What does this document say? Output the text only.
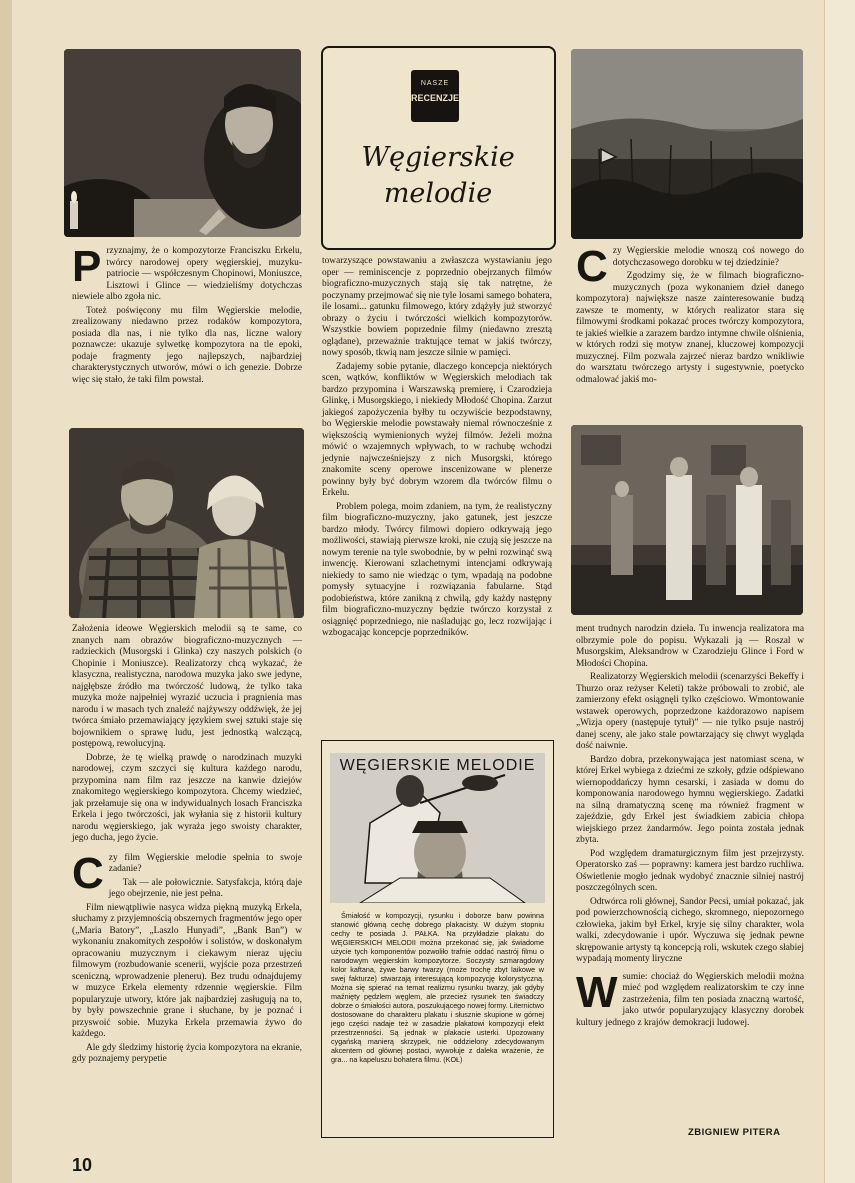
Przyznajmy, że o kompozytorze Franciszku Erkelu, twórcy narodowej opery węgierskiej, muzyku-patriocie — współczesnym Chopinowi, Moniuszce, Lisztowi i Glince — wiedzieliśmy dotychczas niewiele albo zgoła nic.

Toteż poświęcony mu film Węgierskie melodie, zrealizowany niedawno przez rodaków kompozytora, posiada dla nas, i nie tylko dla nas, liczne walory poznawcze: ukazuje sylwetkę kompozytora na tle epoki, podaje fragmenty jego najlepszych, najbardziej charakterystycznych utworów, mówi o ich genezie. Dobrze więc się stało, że taki film powstał.

Założenia ideowe Węgierskich melodii są te same, co znanych nam obrazów biograficzno-muzycznych — radzieckich (Musorgski i Glinka) czy naszych polskich (o Chopinie i Moniuszce). Realizatorzy chcą wykazać, że klasyczna, realistyczna, narodowa muzyka jako swe jedyne, najgłębsze źródło ma twórczość ludową, że tylko taka muzyka może najpełniej wyrazić uczucia i pragnienia mas narodu i w masach tych znaleźć najżywszy oddźwięk, że jej twórca śmiało przemawiający językiem swej sztuki staje się bojownikiem o sprawę ludu, jest jednostką walczącą, postępową, rewolucyjną.

Dobrze, że tę wielką prawdę o narodzinach muzyki narodowej, czym szczyci się kultura każdego narodu, przypomina nam film raz jeszcze na kanwie dziejów znakomitego węgierskiego kompozytora. Chcemy wiedzieć, jak przełamuje się ona w indywidualnych losach Franciszka Erkela i jego twórczości, jak wyłania się z historii kultury narodu węgierskiego, jak wyraża jego swoisty charakter, jego ducha, jego życie.

Czy film Węgierskie melodie spełnia to swoje zadanie?

Tak — ale połowicznie. Satysfakcja, którą daje jego obejrzenie, nie jest pełna.

Film niewątpliwie nasyca widza piękną muzyką Erkela, słuchamy z przyjemnością obszernych fragmentów jego oper („Maria Batory”, „Laszlo Hunyadi”, „Bank Ban”) w wykonaniu znakomitych zespołów i solistów, w doskonałym opracowaniu muzycznym i ciekawym nieraz ujęciu filmowym (rozbudowanie scenerii, wyjście poza przestrzeń sceniczną, wprowadzenie pleneru). Bez trudu odnajdujemy w muzyce Erkela elementy rdzennie węgierskie. Film popularyzuje utwory, które jak najbardziej zasługują na to, by były powszechnie grane i słuchane, by je poznać i przyswoić sobie. Muzyka Erkela przemawia żywo do każdego.

Ale gdy śledzimy historię życia kompozytora na ekranie, gdy poznajemy perypetie

NASZE
RECENZJE
Węgierskie melodie

towarzyszące powstawaniu a zwłaszcza wystawianiu jego oper — reminiscencje z poprzednio obejrzanych filmów biograficzno-muzycznych stają się tak natrętne, że poczynamy przejmować się nie tyle losami samego bohatera, ile losami... gatunku filmowego, który zdążyły już stworzyć obrazy o życiu i twórczości wielkich kompozytorów. Wszystkie bowiem poprzednie filmy (niedawno zresztą oglądane), przeważnie traktujące temat w jakiś twórczy, nowy sposób, tkwią nam jeszcze silnie w pamięci.

Zadajemy sobie pytanie, dlaczego koncepcja niektórych scen, wątków, konfliktów w Węgierskich melodiach tak bardzo przypomina i Warszawską premierę, i Czarodzieja Glinkę, i Musorgskiego, i niekiedy Młodość Chopina. Zarzut jakiegoś zapożyczenia byłby tu oczywiście bezpodstawny, bo Węgierskie melodie powstawały niemal równocześnie z większością wymienionych wyżej filmów. Jeżeli można mówić o wzajemnych wpływach, to w rachubę wchodzi jedynie najwcześniejszy z nich Musorgski, którego znakomite sceny operowe inscenizowane w plenerze powinny były być dobrym wzorem dla twórców filmu o Erkelu.

Problem polega, moim zdaniem, na tym, że realistyczny film biograficzno-muzyczny, jako gatunek, jest jeszcze bardzo młody. Twórcy filmowi dopiero odkrywają jego możliwości, stawiają pierwsze kroki, nie czują się jeszcze na nowym terenie na tyle swobodnie, by w pełni rozwinąć swą inwencję. Kierowani szlachetnymi intencjami odkrywają niekiedy to samo nie wiedząc o tym, wpadają na podobne pomysły sytuacyjne i rozwiązania fabularne. Stąd podobieństwa, które zanikną z chwilą, gdy każdy następny film biograficzno-muzyczny będzie twórczo korzystał z osiągnięć poprzedniego, nie naśladując go, lecz rozwijając i wzbogacając koncepcje poprzedników.

WĘGIERSKIE MELODIE

Śmiałość w kompozycji, rysunku i doborze barw powinna stanowić główną cechę dobrego plakacisty. W dużym stopniu cechy te posiada J. PAŁKA. Na przykładzie plakatu do WĘGIERSKICH MELODII można przekonać się, jak świadome użycie tych komponentów pozwoliło trafnie oddać nastrój filmu o narodowym węgierskim kompozytorze. Soczysty szmaragdowy kolor kaftana, żywe barwy twarzy (może trochę zbyt laikowe w swej fakturze) stwarzają interesującą kompozycję kolorystyczną. Można się spierać na temat realizmu rysunku twarzy, jak gdyby maźnięty pędzlem węglem, ale przecież rysunek ten świadczy dobrze o śmiałości autora, poszukującego nowej formy. Liternictwo dostosowane do charakteru plakatu i słusznie skupione w górnej jego części nadaje też w zasadzie plakatowi kompozycji efekt przestrzenności. Są jednak w plakacie usterki. Upozowany cygańską manierą skrzypek, nie oddzielony zdecydowanym akcentem od głównej postaci, wywołuje z daleka wrażenie, że gra... na kapeluszu bohatera filmu. (KOŁ)

Czy Węgierskie melodie wnoszą coś nowego do dotychczasowego dorobku w tej dziedzinie?

Zgodzimy się, że w filmach biograficzno-muzycznych (poza wykonaniem dzieł danego kompozytora) największe nasze zainteresowanie budzą zawsze te momenty, w których realizator stara się filmowymi środkami pokazać proces twórczy kompozytora, te jakieś wielkie a zarazem bardzo intymne chwile olśnienia, w których rodzi się motyw znanej, kluczowej kompozycji muzycznej. Film pozwala zajrzeć nieraz bardzo wnikliwie do warsztatu twórczego artysty i sugestywnie, poetycko odmalować jakiś mo-

ment trudnych narodzin dzieła. Tu inwencja realizatora ma olbrzymie pole do popisu. Wykazali ją — Roszal w Musorgskim, Aleksandrow w Czarodzieju Glince i Ford w Młodości Chopina.

Realizatorzy Węgierskich melodii (scenarzyści Bekeffy i Thurzo oraz reżyser Keleti) także próbowali to zrobić, ale zamierzony efekt osiągnęli tylko częściowo. Wmontowanie wstawek operowych, poprzedzone każdorazowo napisem „Wizja opery (następuje tytuł)” — nie tylko psuje nastrój danej sceny, ale jako stale powtarzający się chwyt wygląda dość naiwnie.

Bardzo dobra, przekonywająca jest natomiast scena, w której Erkel wybiega z dziećmi ze szkoły, gdzie odśpiewano wiernopoddańczy hymn cesarski, i zasiada w domu do komponowania narodowego hymnu węgierskiego. Zadatki na silną dramatyczną scenę ma również fragment w zajeździe, gdy Erkel jest świadkiem zabicia chłopa wiejskiego przez żandarmów. Jego pointa została jednak zbyta.

Pod względem dramaturgicznym film jest przejrzysty. Operatorsko zaś — poprawny: kamera jest bardzo ruchliwa. Oświetlenie mogło jednak wydobyć znacznie silniej nastrój poszczególnych scen.

Odtwórca roli głównej, Sandor Pecsi, umiał pokazać, jak pod powierzchownością cichego, skromnego, niepozornego człowieka, jakim był Erkel, kryje się silny charakter, wola walki, zdecydowanie i upór. Wyczuwa się jednak pewne skrępowanie artysty tą koncepcją roli, wskutek czego słabiej wypadają momenty liryczne

Wsumie: chociaż do Węgierskich melodii można mieć pod względem realizatorskim te czy inne zastrzeżenia, film ten posiada znaczną wartość, jako utwór popularyzujący klasyczny dorobek kultury jednego z krajów demokracji ludowej.

ZBIGNIEW PITERA
10
